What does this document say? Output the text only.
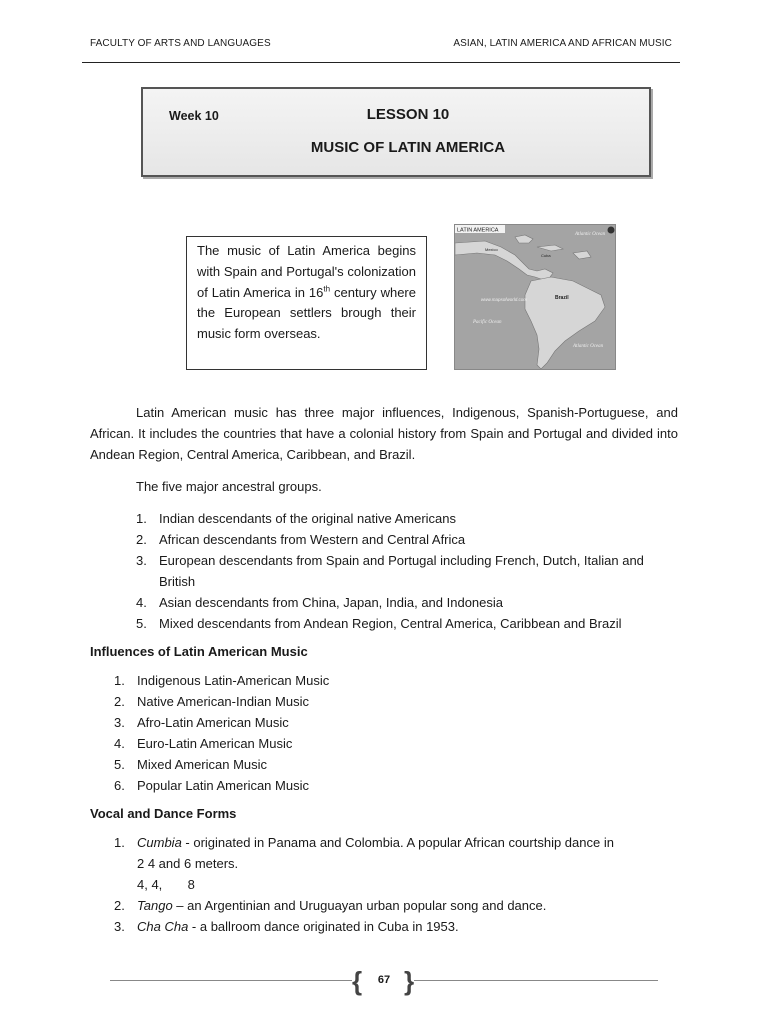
FACULTY OF ARTS AND LANGUAGES	ASIAN, LATIN AMERICA AND AFRICAN MUSIC
Week 10	LESSON 10
MUSIC OF LATIN AMERICA
The music of Latin America begins with Spain and Portugal's colonization of Latin America in 16th century where the European settlers brough their music form overseas.
LATIN AMERICA
Atlantic Ocean
Cuba
Mexico
www.mapsofworld.com	Brazil
Pacific Ocean
Atlantic Ocean
Latin American music has three major influences, Indigenous, Spanish-Portuguese, and African. It includes the countries that have a colonial history from Spain and Portugal and divided into Andean Region, Central America, Caribbean, and Brazil.
The five major ancestral groups.
1. Indian descendants of the original native Americans
2. African descendants from Western and Central Africa
3. European descendants from Spain and Portugal including French, Dutch, Italian and British
4. Asian descendants from China, Japan, India, and Indonesia
5. Mixed descendants from Andean Region, Central America, Caribbean and Brazil
Influences of Latin American Music
1. Indigenous Latin-American Music
2. Native American-Indian Music
3. Afro-Latin American Music
4. Euro-Latin American Music
5. Mixed American Music
6. Popular Latin American Music
Vocal and Dance Forms
1. Cumbia - originated in Panama and Colombia. A popular African courtship dance in
2 4 and 6 meters.
4, 4,       8
2. Tango – an Argentinian and Uruguayan urban popular song and dance.
3. Cha Cha - a ballroom dance originated in Cuba in 1953.
{	67 }
